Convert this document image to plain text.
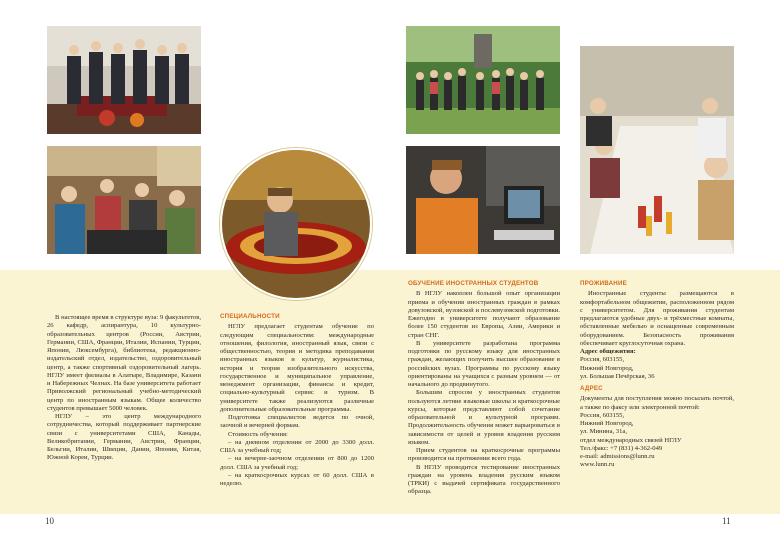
В настоящее время в структуре вуза: 9 факультетов, 26 кафедр, аспирантура, 10 культурно-образовательных центров (России, Австрии, Германии, США, Франции, Италии, Испании, Турции, Японии, Люксембурга), библиотека, редакционно-издательский отдел, издательство, оздоровительный центр, а также спортивный оздоровительный лагерь. НГЛУ имеет филиалы в Алатыре, Владимире, Казани и Набережных Челнах. На базе университета работает Приволжский региональный учебно-методический центр по иностранным языкам. Общее количество студентов превышает 5000 человек.

НГЛУ – это центр международного сотрудничества, который поддерживает партнерские связи с университетами США, Канады, Великобритании, Германии, Австрии, Франции, Бельгии, Италии, Швеции, Дании, Японии, Китая, Южной Кореи, Турции.

СПЕЦИАЛЬНОСТИ

НГЛУ предлагает студентам обучение по следующим специальностям: международные отношения, филология, иностранный язык, связи с общественностью, теория и методика преподавания иностранных языков и культур, журналистика, история и теория изобразительного искусства, государственное и муниципальное управление, менеджмент организации, финансы и кредит, социально-культурный сервис и туризм. В университете также реализуются различные дополнительные образовательные программы.

Подготовка специалистов ведется по очной, заочной и вечерней формам.

Стоимость обучения:

– на дневном отделении от 2000 до 3300 долл. США за учебный год;

– на вечерне-заочном отделении от 800 до 1200 долл. США за учебный год;

– на краткосрочных курсах от 60 долл. США в неделю.

ОБУЧЕНИЕ ИНОСТРАННЫХ СТУДЕНТОВ

В НГЛУ накоплен большой опыт организации приема и обучения иностранных граждан в рамках довузовской, вузовской и послевузовской подготовки. Ежегодно в университете получают образование более 150 студентов из Европы, Азии, Америки и стран СНГ.

В университете разработана программа подготовки по русскому языку для иностранных граждан, желающих получить высшее образование в российских вузах. Программы по русскому языку ориентированы на учащихся с разным уровнем — от начального до продвинутого.

Большим спросом у иностранных студентов пользуются летние языковые школы и краткосрочные курсы, которые представляют собой сочетание образовательной и культурной программ. Продолжительность обучения может варьироваться в зависимости от целей и уровня владения русским языком.

Прием студентов на краткосрочные программы производится на протяжении всего года.

В НГЛУ проводится тестирование иностранных граждан на уровень владения русским языком (ТРКИ) с выдачей сертификата государственного образца.

ПРОЖИВАНИЕ

Иностранные студенты размещаются в комфортабельном общежитии, расположенном рядом с университетом. Для проживания студентам предлагаются удобные двух- и трёхместные комнаты, обставленные мебелью и оснащенные современным оборудованием. Безопасность проживания обеспечивает круглосуточная охрана.

Адрес общежития:
Россия, 603155,
Нижний Новгород,
ул. Большая Печёрская, 36
АДРЕС
Документы для поступления можно посылать почтой, а также по факсу или электронной почтой:
Россия, 603155,
Нижний Новгород,
ул. Минина, 31а,
отдел международных связей НГЛУ
Тел./факс: +7 (831) 4-362-049
e-mail: admissions@lunn.ru
www.lunn.ru
10	11
